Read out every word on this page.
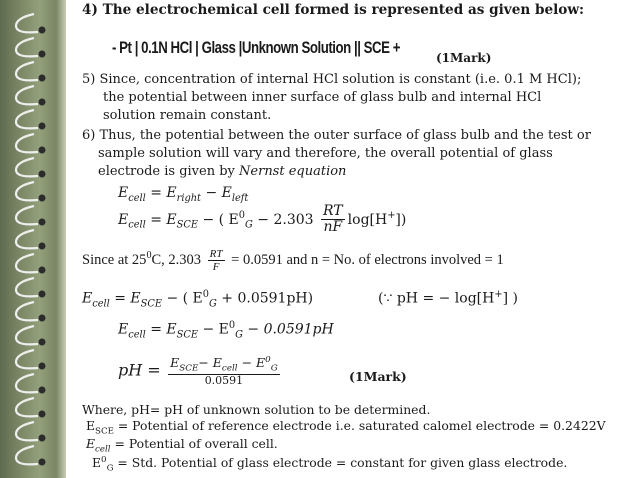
4) The electrochemical cell formed is represented as given below:
- Pt | 0.1N HCl | Glass |Unknown Solution || SCE +
(1Mark)
5) Since, concentration of internal HCl solution is constant (i.e. 0.1 M HCl);
the potential between inner surface of glass bulb and internal HCl
solution remain constant.
6) Thus, the potential between the outer surface of glass bulb and the test or
sample solution will vary and therefore, the overall potential of glass
electrode is given by Nernst equation
$E_{cell} = E_{right} - E_{left}$
$E_{cell} = E_{SCE}$ − ( $E^0_G - 2.303 \frac{RT}{nF} \log[H^+]$)
Since at $25^0C$, $2.303 \frac{RT}{F} = 0.0591$ and n = No. of electrons involved = 1
$E_{cell} = E_{SCE}$ − ( $E^0_G + 0.0591pH$)	(∵ pH = − log[H+] )
$E_{cell} = E_{SCE} - E^0_G - 0.0591pH$
pH = $\frac{E_{SCE}- E_{cell} - E^0_G}{0.0591}$	(1Mark)
Where, pH= pH of unknown solution to be determined.
$E_{SCE}$ = Potential of reference electrode i.e. saturated calomel electrode = 0.2422V
$E_{cell}$ = Potential of overall cell.
$E^0_G$ = Std. Potential of glass electrode = constant for given glass electrode.
